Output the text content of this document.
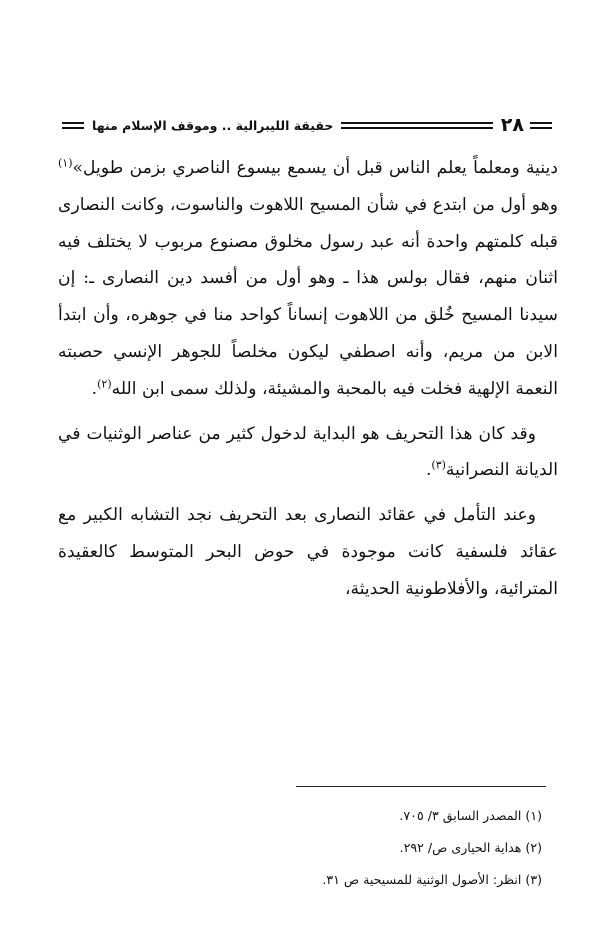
٢٨
حقيقة الليبرالية .. وموقف الإسلام منها

دينية ومعلماً يعلم الناس قبل أن يسمع بيسوع الناصري بزمن طويل»$^{(١)}$ وهو أول من ابتدع في شأن المسيح اللاهوت والناسوت، وكانت النصارى قبله كلمتهم واحدة أنه عبد رسول مخلوق مصنوع مربوب لا يختلف فيه اثنان منهم، فقال بولس هذا ـ وهو أول من أفسد دين النصارى ـ: إن سيدنا المسيح خُلق من اللاهوت إنساناً كواحد منا في جوهره، وأن ابتدأ الابن من مريم، وأنه اصطفي ليكون مخلصاً للجوهر الإنسي حصبته النعمة الإلهية فخلت فيه بالمحبة والمشيئة، ولذلك سمى ابن الله$^{(٢)}$.

وقد كان هذا التحريف هو البداية لدخول كثير من عناصر الوثنيات في الديانة النصرانية$^{(٣)}$.

وعند التأمل في عقائد النصارى بعد التحريف نجد التشابه الكبير مع عقائد فلسفية كانت موجودة في حوض البحر المتوسط كالعقيدة المترائية، والأفلاطونية الحديثة،

(١) المصدر السابق ٣/ ٧٠٥.
(٢) هداية الحيارى ص/ ٢٩٢.
(٣) انظر: الأصول الوثنية للمسيحية ص ٣١.
